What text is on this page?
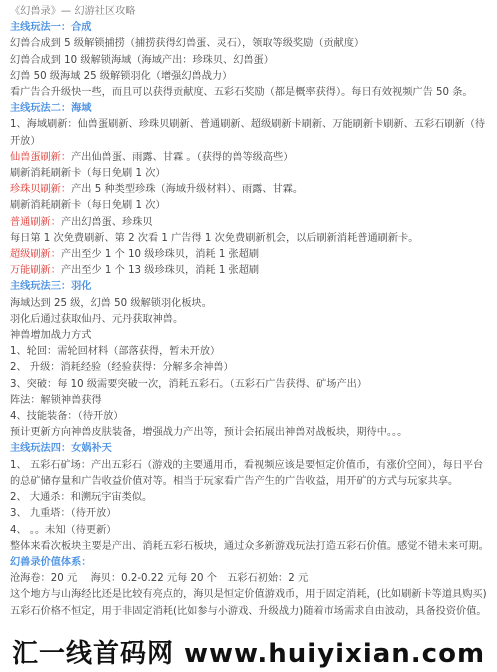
《幻兽录》— 幻游社区攻略

主线玩法一：合成

幻兽合成到 5 级解锁捕捞（捕捞获得幻兽蛋、灵石），领取等级奖励（贡献度）

幻兽合成到 10 级解锁海域（海域产出：珍珠贝、幻兽蛋）

幻兽 50 级海域 25 级解锁羽化（增强幻兽战力）

看广告合升级快一些，而且可以获得贡献度、五彩石奖励（都是概率获得）。每日有效视频广告 50 条。

主线玩法二：海域

1、海域刷新：仙兽蛋刷新、珍珠贝刷新、普通刷新、超级刷新卡刷新、万能刷新卡刷新、五彩石刷新（待开放）

仙兽蛋刷新：产出仙兽蛋、雨露、甘霖 。（获得的兽等级高些）

刷新消耗刷新卡（每日免刷 1 次）

珍珠贝刷新：产出 5 种类型珍珠（海域升级材料）、雨露、甘霖。

刷新消耗刷新卡（每日免刷 1 次）

普通刷新：产出幻兽蛋、珍珠贝

每日第 1 次免费刷新、第 2 次看 1 广告得 1 次免费刷新机会，以后刷新消耗普通刷新卡。

超级刷新：产出至少 1 个 10 级珍珠贝，消耗 1 张超刷

万能刷新：产出至少 1 个 13 级珍珠贝，消耗 1 张超刷

主线玩法三：羽化

海域达到 25 级，幻兽 50 级解锁羽化板块。

羽化后通过获取仙丹、元丹获取神兽。

神兽增加战力方式

1、轮回：需轮回材料（部落获得，暂未开放）

2、 升级：消耗经验（经验获得：分解多余神兽）

3、突破：每 10 级需要突破一次，消耗五彩石。（五彩石广告获得、矿场产出）

阵法：解锁神兽获得

4、技能装备：（待开放）

预计更新方向神兽皮肤装备，增强战力产出等，预计会拓展出神兽对战板块，期待中。。。

主线玩法四：女娲补天

1、 五彩石矿场：产出五彩石（游戏的主要通用币，看视频应该是要恒定价值币，有涨价空间），每日平台的总矿储存量和广告收益价值对等。相当于玩家看广告产生的广告收益，用开矿的方式与玩家共享。

2、 大通杀：和溯玩宇宙类似。

3、 九重塔：（待开放）

4、 。。未知（待更新）

整体来看次板块主要是产出、消耗五彩石板块，通过众多新游戏玩法打造五彩石价值。感觉不错未来可期。

幻兽录价值体系：

沧海卷：20 元　 海贝：0.2-0.22 元每 20 个　五彩石初始：2 元

这个地方与山海经比还是比较有亮点的，海贝是恒定价值游戏币，用于固定消耗，(比如刷新卡等道具购买)五彩石价格不恒定，用于非固定消耗(比如参与小游戏、升级战力)随着市场需求自由波动，具备投资价值。

汇一线首码网 www.huiyixian.com
